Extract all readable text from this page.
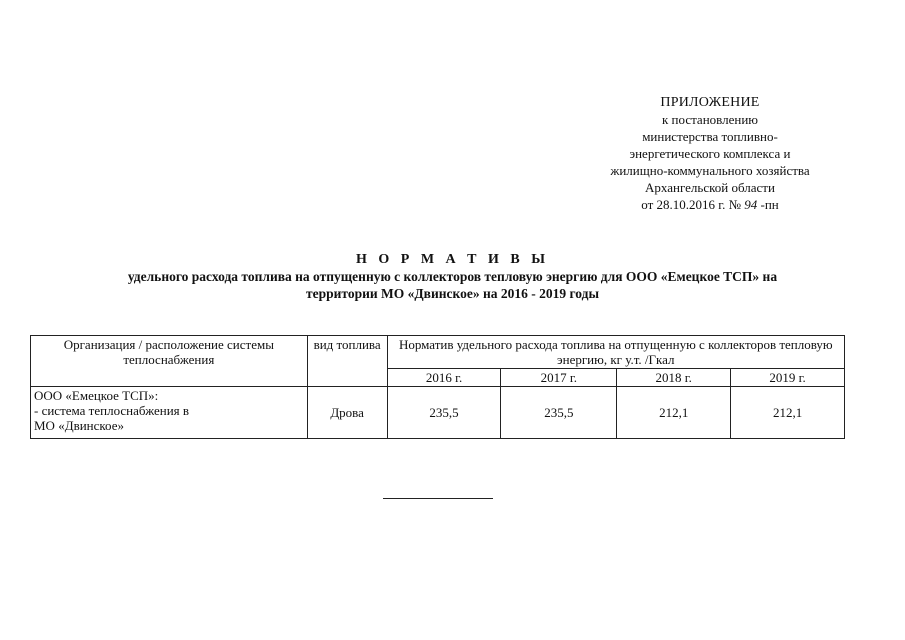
ПРИЛОЖЕНИЕ
к постановлению
министерства топливно-
энергетического комплекса и
жилищно-коммунального хозяйства
Архангельской области
от 28.10.2016 г. № 94 -пн
Н О Р М А Т И В Ы
удельного расхода топлива на отпущенную с коллекторов тепловую энергию для ООО «Емецкое ТСП» на
территории МО «Двинское» на 2016 - 2019 годы
Организация / расположение системы теплоснабжения	вид топлива	Норматив удельного расхода топлива на отпущенную с коллекторов тепловую энергию, кг у.т. /Гкал			
		2016 г.	2017 г.	2018 г.	2019 г.

ООО «Емецкое ТСП»:
- система теплоснабжения в
МО «Двинское»	Дрова	235,5	235,5	212,1	212,1
